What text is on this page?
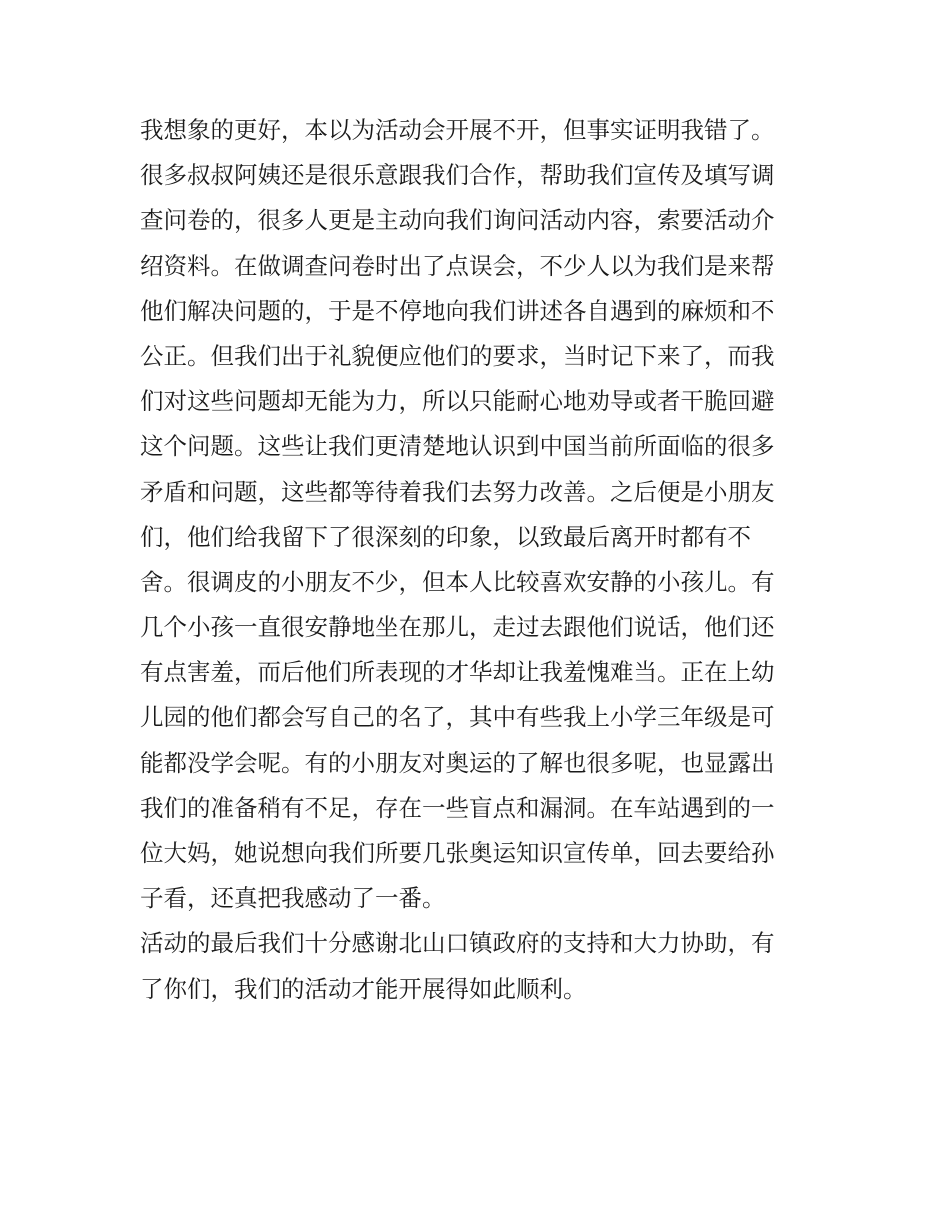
我想象的更好，本以为活动会开展不开，但事实证明我错了。
很多叔叔阿姨还是很乐意跟我们合作，帮助我们宣传及填写调
查问卷的，很多人更是主动向我们询问活动内容，索要活动介
绍资料。在做调查问卷时出了点误会，不少人以为我们是来帮
他们解决问题的，于是不停地向我们讲述各自遇到的麻烦和不
公正。但我们出于礼貌便应他们的要求，当时记下来了，而我
们对这些问题却无能为力，所以只能耐心地劝导或者干脆回避
这个问题。这些让我们更清楚地认识到中国当前所面临的很多
矛盾和问题，这些都等待着我们去努力改善。之后便是小朋友
们，他们给我留下了很深刻的印象，以致最后离开时都有不
舍。很调皮的小朋友不少，但本人比较喜欢安静的小孩儿。有
几个小孩一直很安静地坐在那儿，走过去跟他们说话，他们还
有点害羞，而后他们所表现的才华却让我羞愧难当。正在上幼
儿园的他们都会写自己的名了，其中有些我上小学三年级是可
能都没学会呢。有的小朋友对奥运的了解也很多呢，也显露出
我们的准备稍有不足，存在一些盲点和漏洞。在车站遇到的一
位大妈，她说想向我们所要几张奥运知识宣传单，回去要给孙
子看，还真把我感动了一番。
活动的最后我们十分感谢北山口镇政府的支持和大力协助，有
了你们，我们的活动才能开展得如此顺利。
